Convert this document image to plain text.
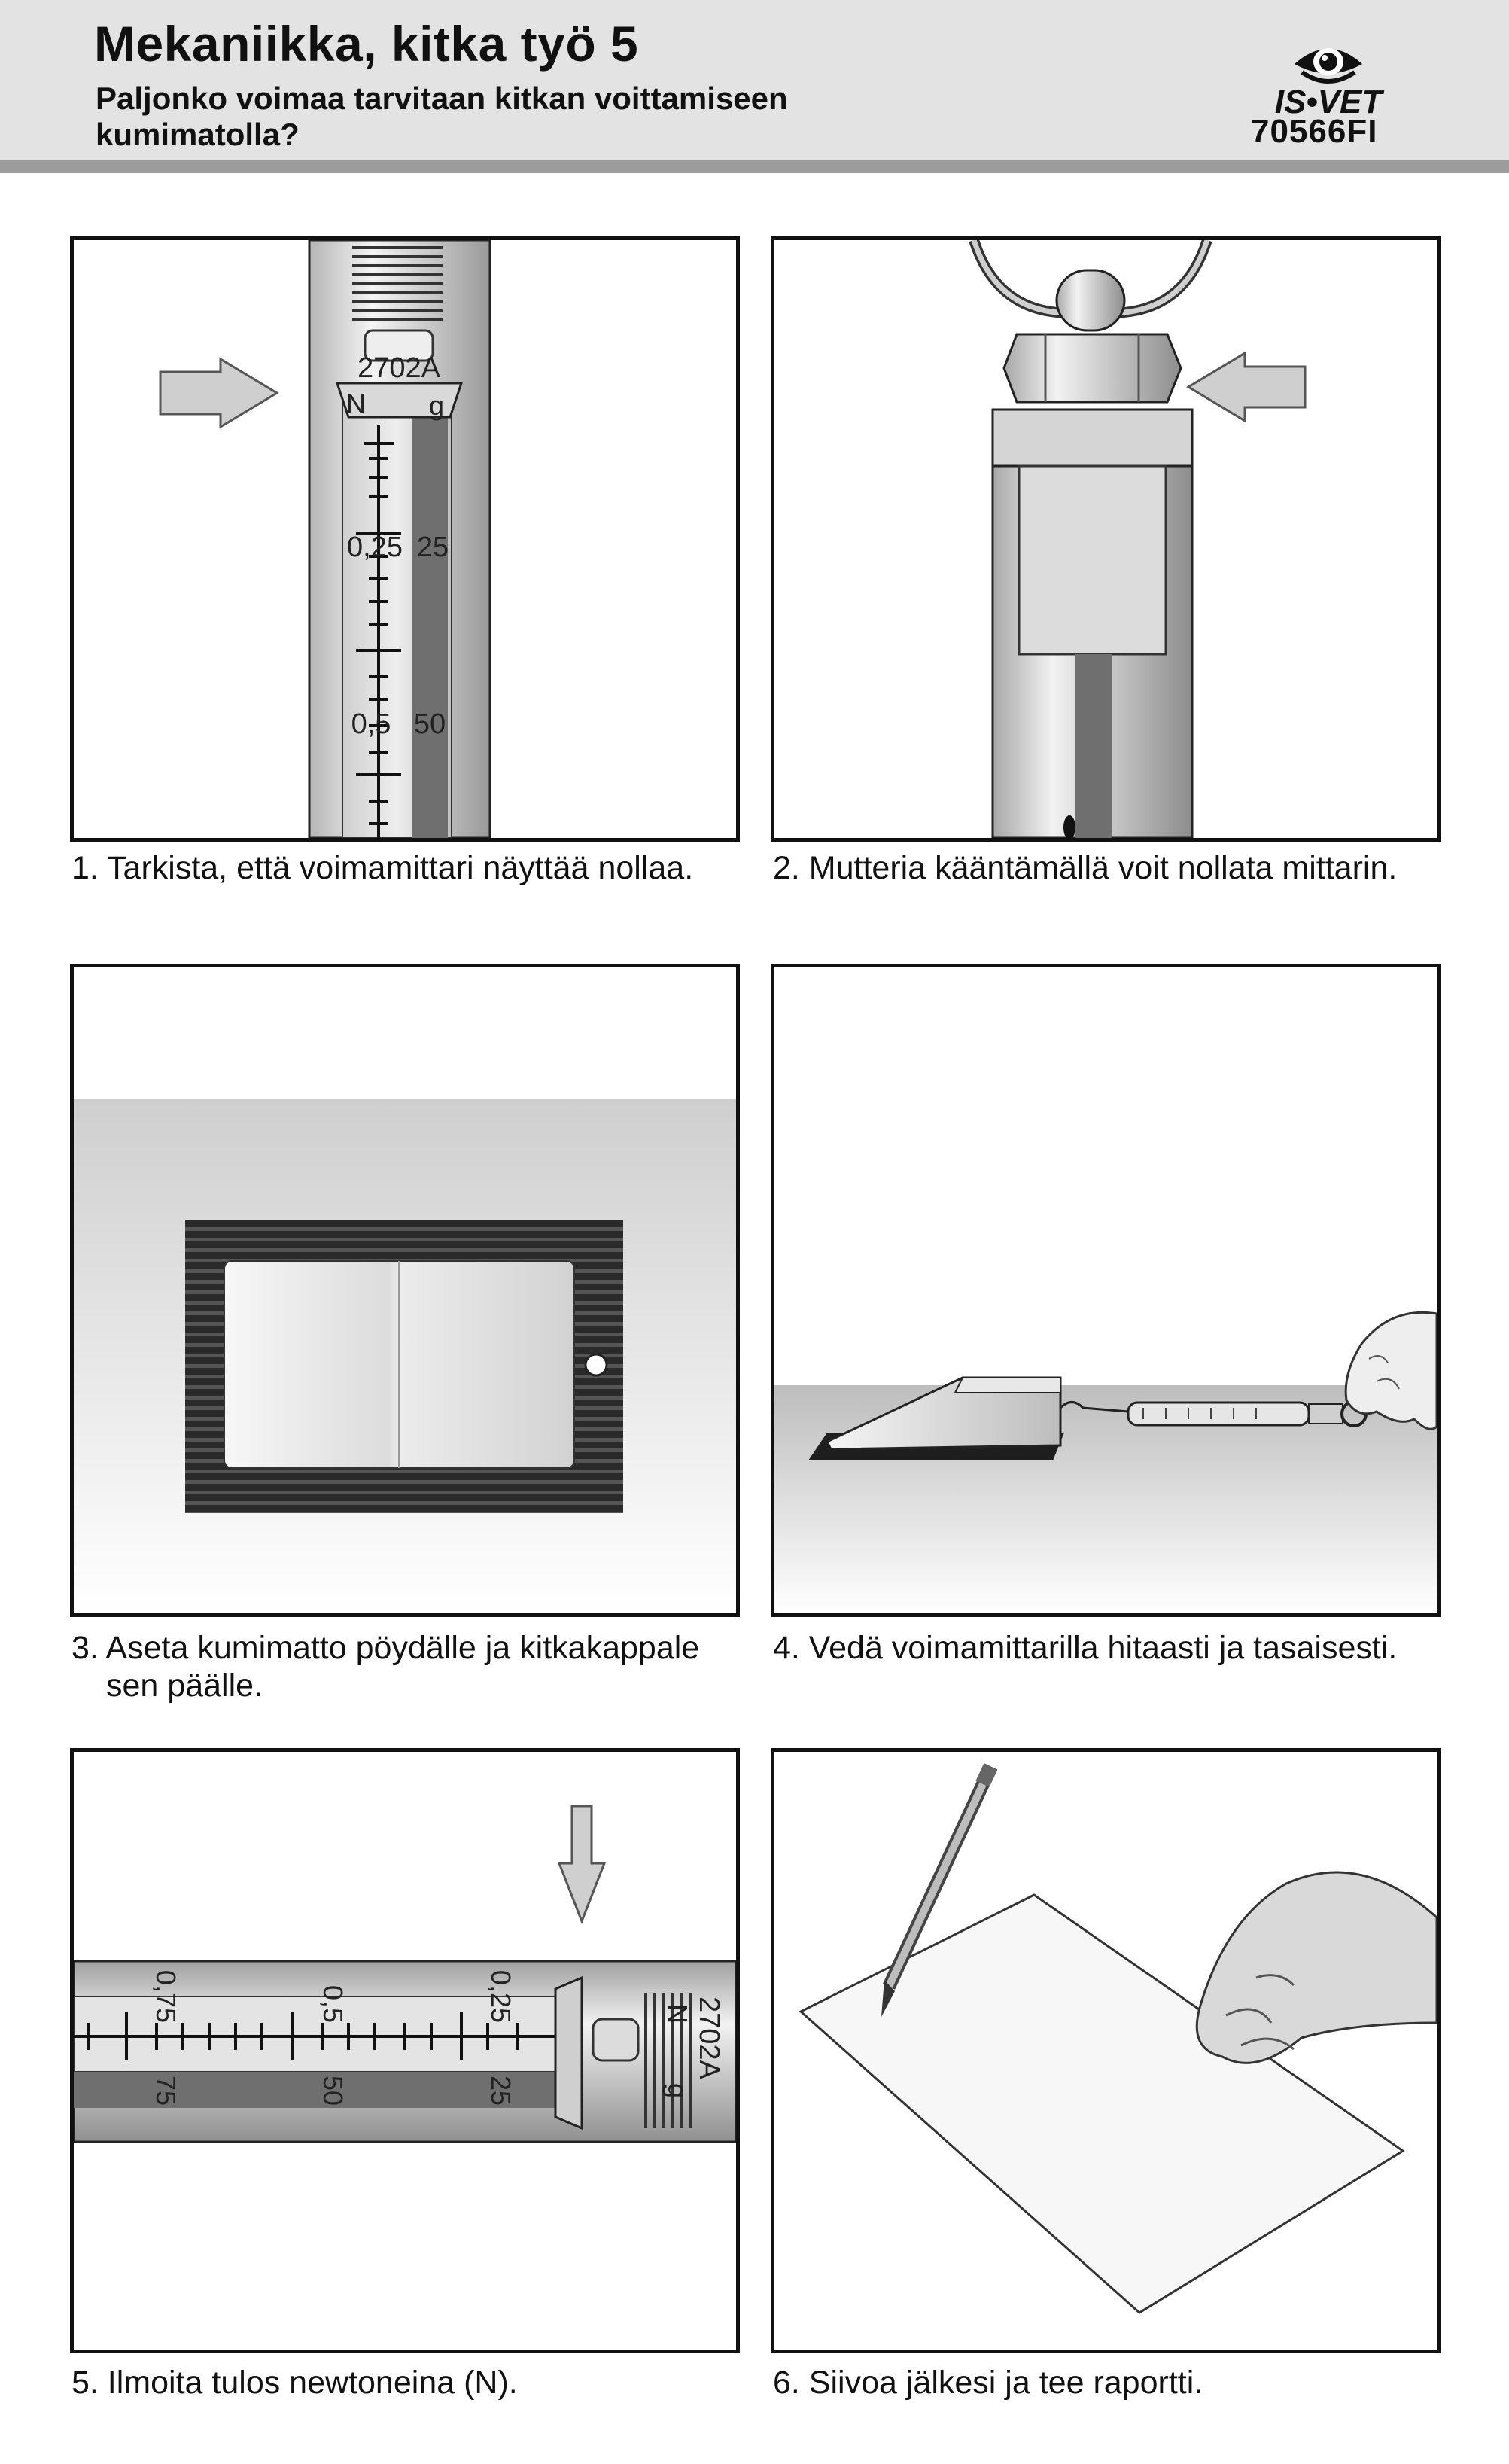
Mekaniikka, kitka työ 5
Paljonko voimaa tarvitaan kitkan voittamiseen
kumimatolla?
IS•VET
70566FI
2702A
N g
0,25 25
0,5 50
1. Tarkista, että voimamittari näyttää nollaa. 2. Mutteria kääntämällä voit nollata mittarin.
3. Aseta kumimatto pöydälle ja kitkakappale
sen päälle.
4. Vedä voimamittarilla hitaasti ja tasaisesti.
0,75
75
0,5
50
0,25
25
N
g
2702A
5. Ilmoita tulos newtoneina (N).	6. Siivoa jälkesi ja tee raportti.
